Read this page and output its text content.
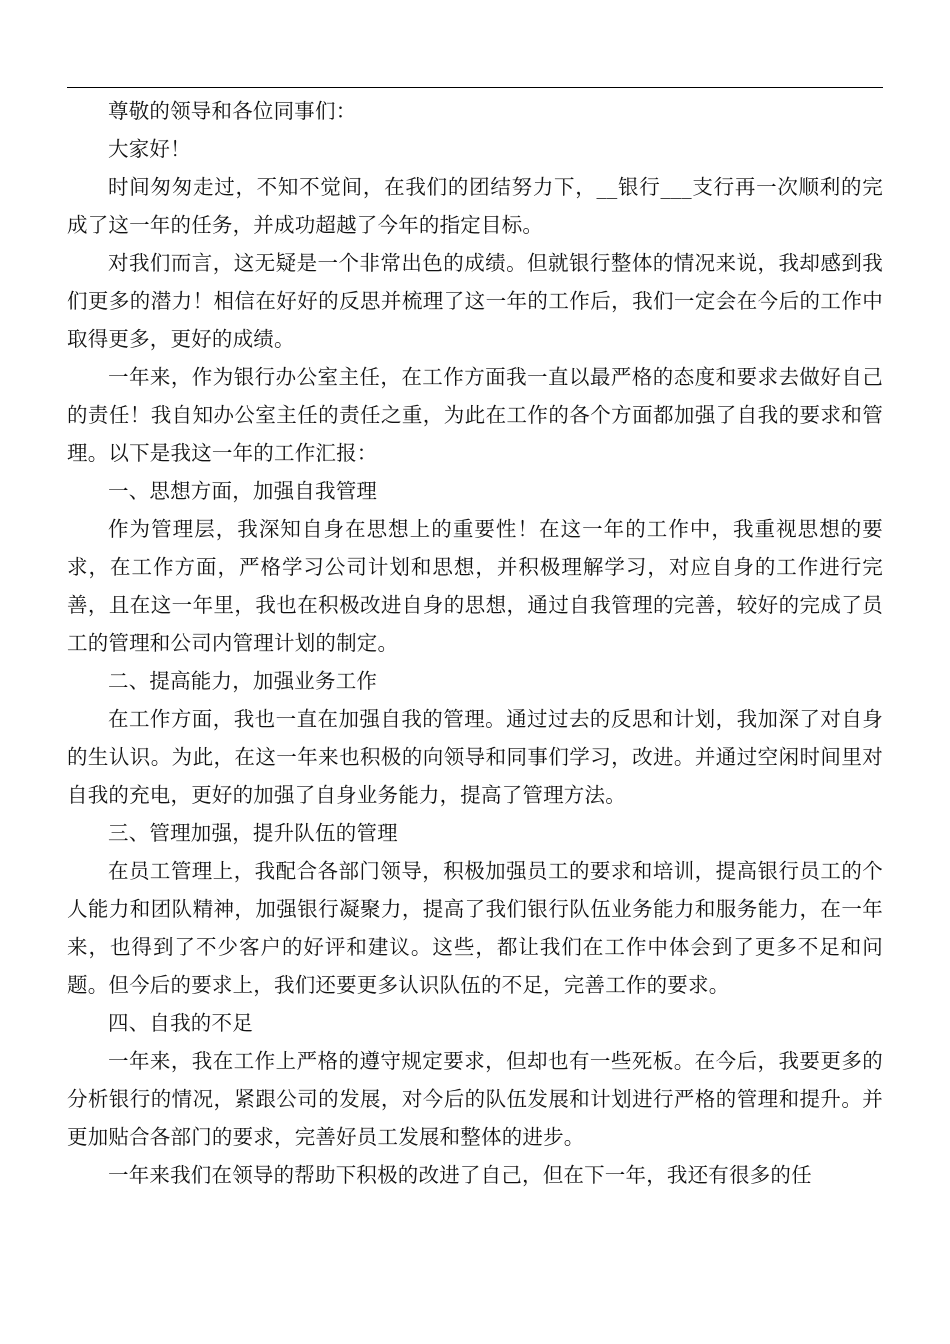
尊敬的领导和各位同事们：

大家好！

时间匆匆走过，不知不觉间，在我们的团结努力下，__银行___支行再一次顺利的完成了这一年的任务，并成功超越了今年的指定目标。

对我们而言，这无疑是一个非常出色的成绩。但就银行整体的情况来说，我却感到我们更多的潜力！相信在好好的反思并梳理了这一年的工作后，我们一定会在今后的工作中取得更多，更好的成绩。

一年来，作为银行办公室主任，在工作方面我一直以最严格的态度和要求去做好自己的责任！我自知办公室主任的责任之重，为此在工作的各个方面都加强了自我的要求和管理。以下是我这一年的工作汇报：

一、思想方面，加强自我管理

作为管理层，我深知自身在思想上的重要性！在这一年的工作中，我重视思想的要求，在工作方面，严格学习公司计划和思想，并积极理解学习，对应自身的工作进行完善，且在这一年里，我也在积极改进自身的思想，通过自我管理的完善，较好的完成了员工的管理和公司内管理计划的制定。

二、提高能力，加强业务工作

在工作方面，我也一直在加强自我的管理。通过过去的反思和计划，我加深了对自身的生认识。为此，在这一年来也积极的向领导和同事们学习，改进。并通过空闲时间里对自我的充电，更好的加强了自身业务能力，提高了管理方法。

三、管理加强，提升队伍的管理

在员工管理上，我配合各部门领导，积极加强员工的要求和培训，提高银行员工的个人能力和团队精神，加强银行凝聚力，提高了我们银行队伍业务能力和服务能力，在一年来，也得到了不少客户的好评和建议。这些，都让我们在工作中体会到了更多不足和问题。但今后的要求上，我们还要更多认识队伍的不足，完善工作的要求。

四、自我的不足

一年来，我在工作上严格的遵守规定要求，但却也有一些死板。在今后，我要更多的分析银行的情况，紧跟公司的发展，对今后的队伍发展和计划进行严格的管理和提升。并更加贴合各部门的要求，完善好员工发展和整体的进步。

一年来我们在领导的帮助下积极的改进了自己，但在下一年，我还有很多的任
